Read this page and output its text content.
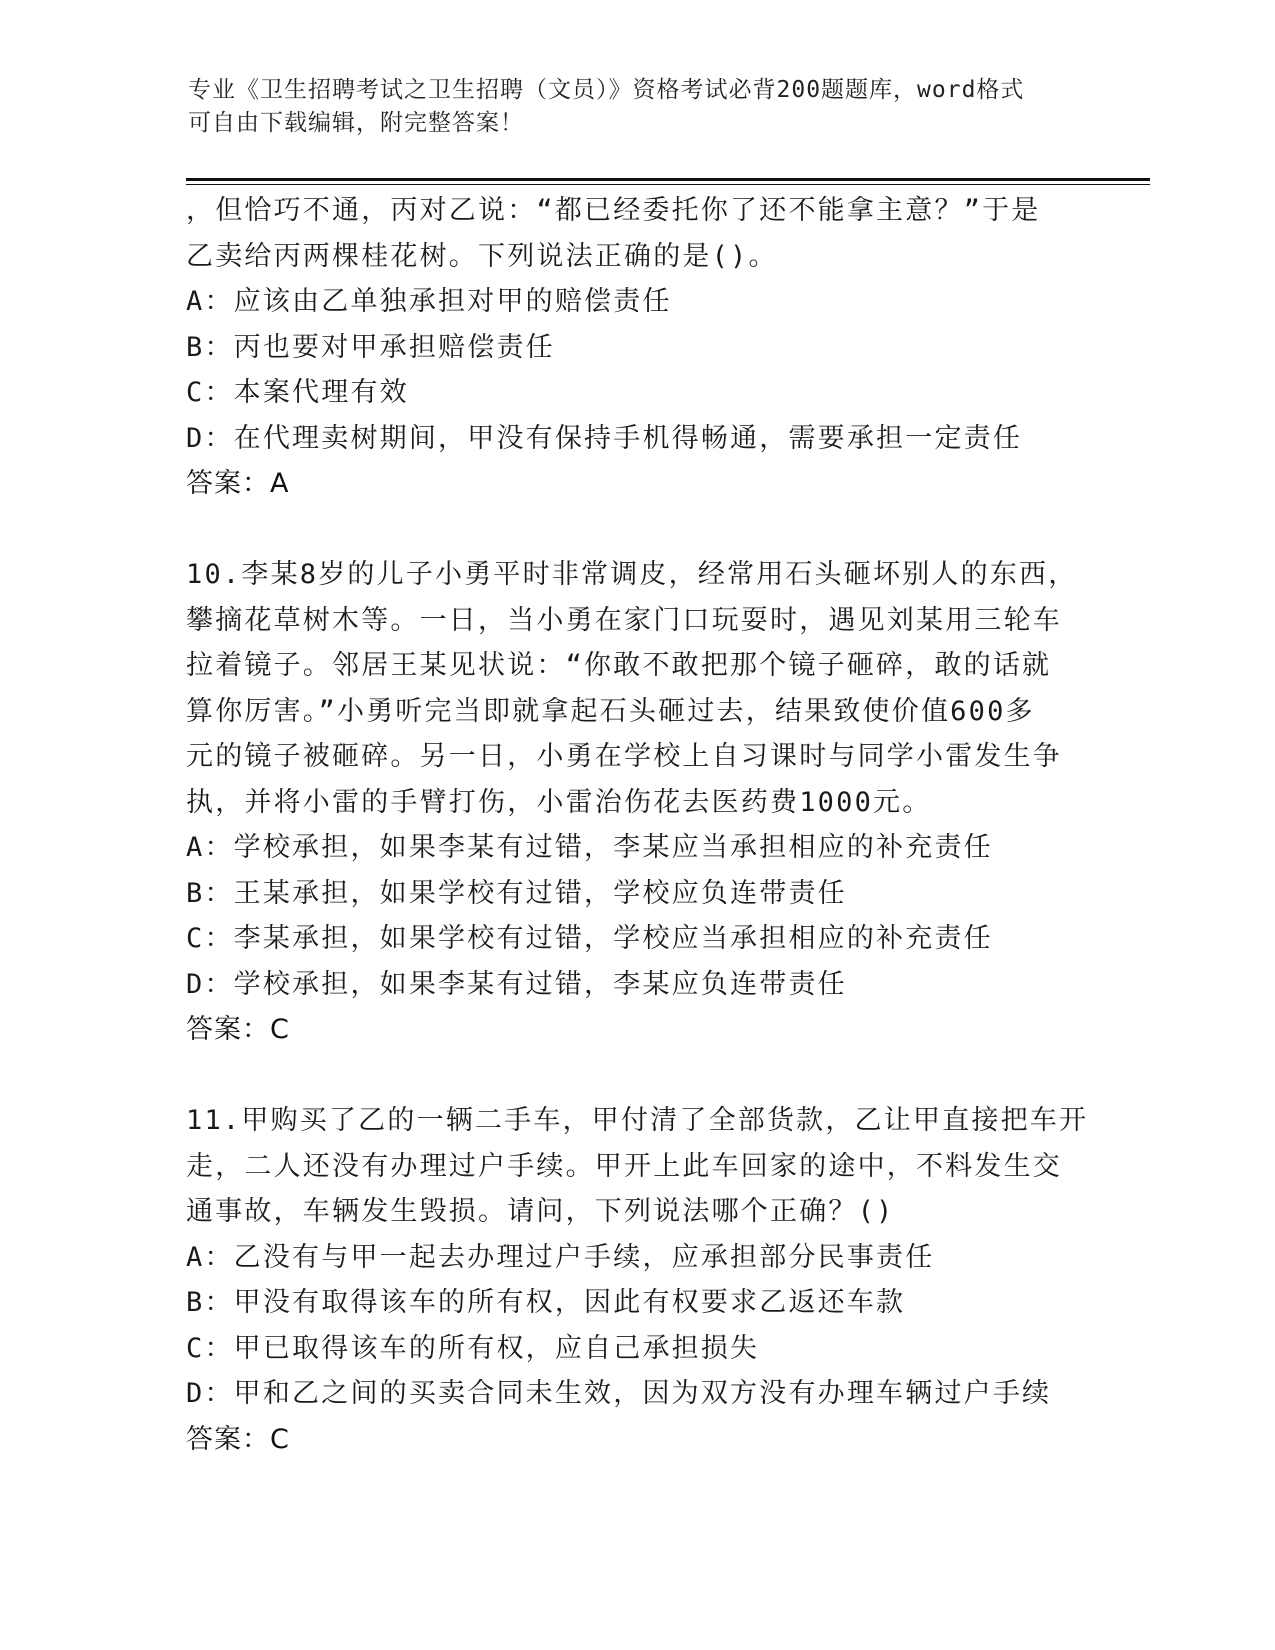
专业《卫生招聘考试之卫生招聘（文员）》资格考试必背200题题库，word格式
可自由下载编辑，附完整答案！
，但恰巧不通，丙对乙说：“都已经委托你了还不能拿主意？”于是
乙卖给丙两棵桂花树。下列说法正确的是()。
A：应该由乙单独承担对甲的赔偿责任
B：丙也要对甲承担赔偿责任
C：本案代理有效
D：在代理卖树期间，甲没有保持手机得畅通，需要承担一定责任
答案：A
10.李某8岁的儿子小勇平时非常调皮，经常用石头砸坏别人的东西，
攀摘花草树木等。一日，当小勇在家门口玩耍时，遇见刘某用三轮车
拉着镜子。邻居王某见状说：“你敢不敢把那个镜子砸碎，敢的话就
算你厉害。”小勇听完当即就拿起石头砸过去，结果致使价值600多
元的镜子被砸碎。另一日，小勇在学校上自习课时与同学小雷发生争
执，并将小雷的手臂打伤，小雷治伤花去医药费1000元。
A：学校承担，如果李某有过错，李某应当承担相应的补充责任
B：王某承担，如果学校有过错，学校应负连带责任
C：李某承担，如果学校有过错，学校应当承担相应的补充责任
D：学校承担，如果李某有过错，李某应负连带责任
答案：C
11.甲购买了乙的一辆二手车，甲付清了全部货款，乙让甲直接把车开
走，二人还没有办理过户手续。甲开上此车回家的途中，不料发生交
通事故，车辆发生毁损。请问，下列说法哪个正确？()
A：乙没有与甲一起去办理过户手续，应承担部分民事责任
B：甲没有取得该车的所有权，因此有权要求乙返还车款
C：甲已取得该车的所有权，应自己承担损失
D：甲和乙之间的买卖合同未生效，因为双方没有办理车辆过户手续
答案：C
